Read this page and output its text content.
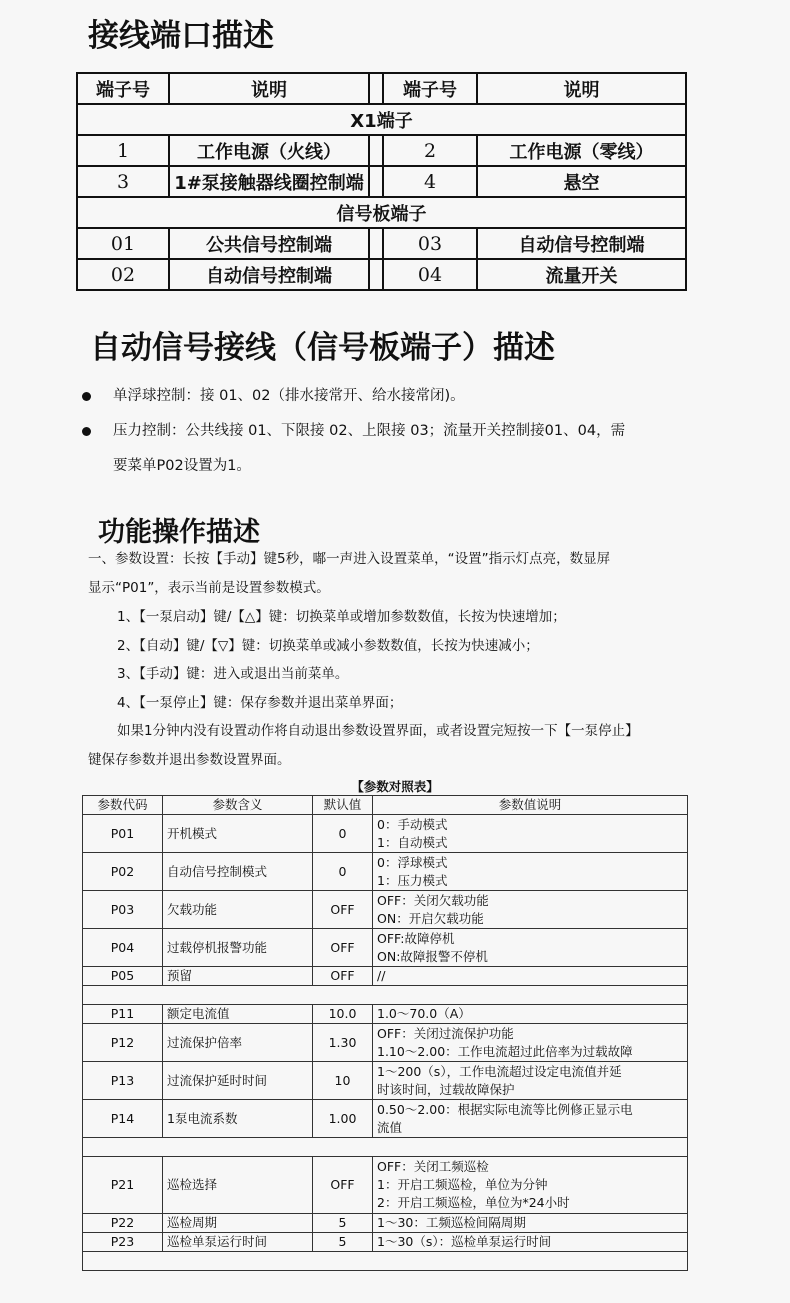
接线端口描述
端子号	说明		端子号	说明
X1端子				
1	工作电源（火线）		2	工作电源（零线）
3	1#泵接触器线圈控制端		4	悬空
信号板端子				
01	公共信号控制端		03	自动信号控制端
02	自动信号控制端		04	流量开关
自动信号接线（信号板端子）描述
单浮球控制：接 01、02（排水接常开、给水接常闭)。
压力控制：公共线接 01、下限接 02、上限接 03；流量开关控制接01、04，需
要菜单P02设置为1。
功能操作描述
一、参数设置：长按【手动】键5秒，嘟一声进入设置菜单，“设置”指示灯点亮，数显屏
显示“P01”，表示当前是设置参数模式。
1、【一泵启动】键/【△】键：切换菜单或增加参数数值，长按为快速增加；
2、【自动】键/【▽】键：切换菜单或减小参数数值，长按为快速减小；
3、【手动】键：进入或退出当前菜单。
4、【一泵停止】键：保存参数并退出菜单界面；
如果1分钟内没有设置动作将自动退出参数设置界面，或者设置完短按一下【一泵停止】
键保存参数并退出参数设置界面。
【参数对照表】
参数代码	参数含义	默认值	参数值说明
P01	开机模式	0	0：手动模式
1：自动模式

P02	自动信号控制模式	0	0：浮球模式
1：压力模式

P03	欠载功能	OFF	OFF：关闭欠载功能
ON：开启欠载功能

P04	过载停机报警功能	OFF	OFF:故障停机
ON:故障报警不停机

P05	预留	OFF	//

P11	额定电流值	10.0	1.0～70.0（A）

P12	过流保护倍率	1.30	OFF：关闭过流保护功能
1.10～2.00：工作电流超过此倍率为过载故障

P13	过流保护延时时间	10	1～200（s），工作电流超过设定电流值并延
时该时间，过载故障保护

P14	1泵电流系数	1.00	0.50～2.00：根据实际电流等比例修正显示电
流值

P21	巡检选择	OFF	OFF：关闭工频巡检
1：开启工频巡检，单位为分钟
2：开启工频巡检，单位为*24小时

P22	巡检周期	5	1～30：工频巡检间隔周期

P23	巡检单泵运行时间	5	1～30（s）：巡检单泵运行时间
